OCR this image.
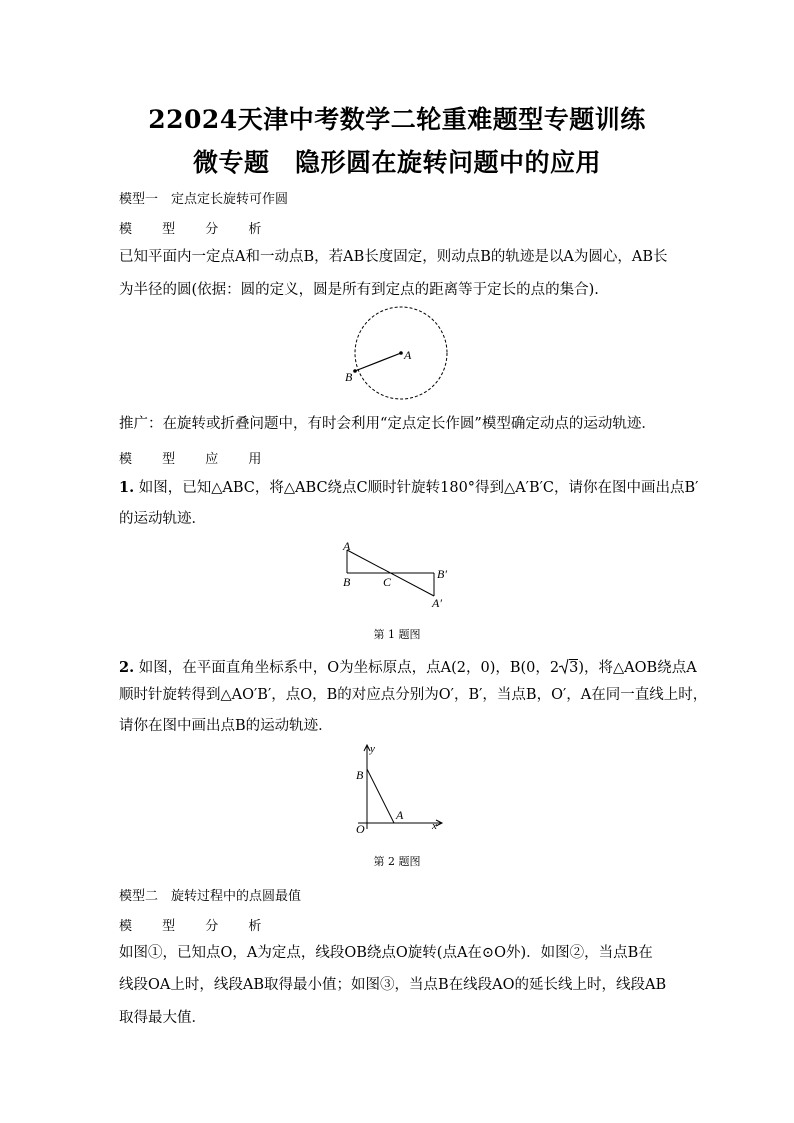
22024天津中考数学二轮重难题型专题训练
微专题　隐形圆在旋转问题中的应用
模型一　定点定长旋转可作圆
模 型 分 析
已知平面内一定点A和一动点B，若AB长度固定，则动点B的轨迹是以A为圆心，AB长
为半径的圆(依据：圆的定义，圆是所有到定点的距离等于定长的点的集合).
A
B
推广：在旋转或折叠问题中，有时会利用“定点定长作圆”模型确定动点的运动轨迹．
模 型 应 用
1. 如图，已知△ABC，将△ABC绕点C顺时针旋转180°得到△A′B′C，请你在图中画出点B′
的运动轨迹．
A
B	C
B′
A′
第 1 题图
2. 如图，在平面直角坐标系中，O为坐标原点，点A(2，0)，B(0，2 3)，将△AOB绕点A
顺时针旋转得到△AO′B′，点O，B的对应点分别为O′，B′，当点B，O′，A在同一直线上时，
请你在图中画出点B的运动轨迹．
y
B
A
O	x
第 2 题图
模型二　旋转过程中的点圆最值
模 型 分 析
如图①，已知点O，A为定点，线段OB绕点O旋转(点A在⊙O外)．如图②，当点B在
线段OA上时，线段AB取得最小值；如图③，当点B在线段AO的延长线上时，线段AB
取得最大值．
